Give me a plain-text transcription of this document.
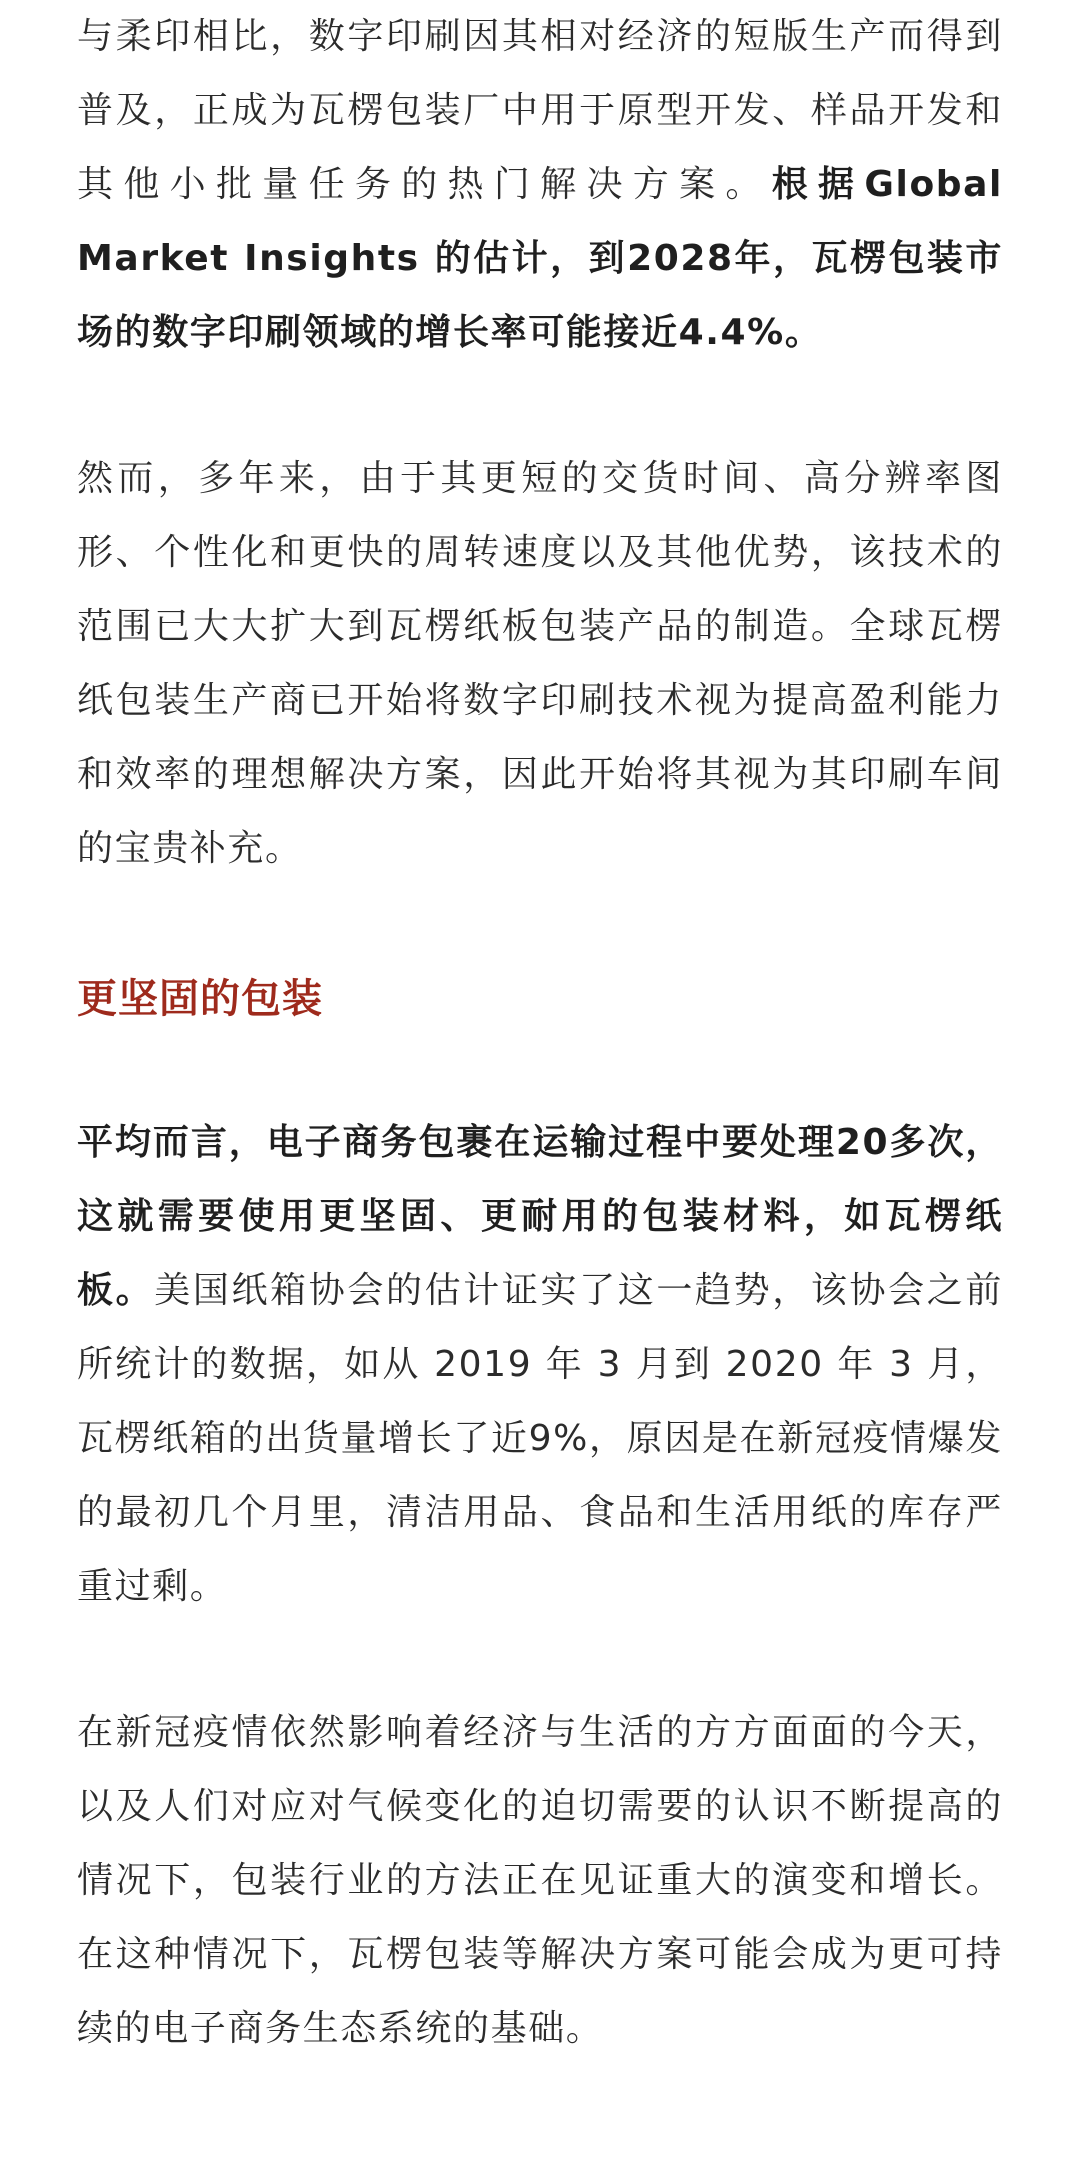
与柔印相比，数字印刷因其相对经济的短版生产而得到普及，正成为瓦楞包装厂中用于原型开发、样品开发和其他小批量任务的热门解决方案。根据Global Market Insights 的估计，到2028年，瓦楞包装市场的数字印刷领域的增长率可能接近4.4%。

然而，多年来，由于其更短的交货时间、高分辨率图形、个性化和更快的周转速度以及其他优势，该技术的范围已大大扩大到瓦楞纸板包装产品的制造。全球瓦楞纸包装生产商已开始将数字印刷技术视为提高盈利能力和效率的理想解决方案，因此开始将其视为其印刷车间的宝贵补充。

更坚固的包装

平均而言，电子商务包裹在运输过程中要处理20多次，这就需要使用更坚固、更耐用的包装材料，如瓦楞纸板。美国纸箱协会的估计证实了这一趋势，该协会之前所统计的数据，如从 2019 年 3 月到 2020 年 3 月，瓦楞纸箱的出货量增长了近9%，原因是在新冠疫情爆发的最初几个月里，清洁用品、食品和生活用纸的库存严重过剩。

在新冠疫情依然影响着经济与生活的方方面面的今天，以及人们对应对气候变化的迫切需要的认识不断提高的情况下，包装行业的方法正在见证重大的演变和增长。在这种情况下，瓦楞包装等解决方案可能会成为更可持续的电子商务生态系统的基础。
